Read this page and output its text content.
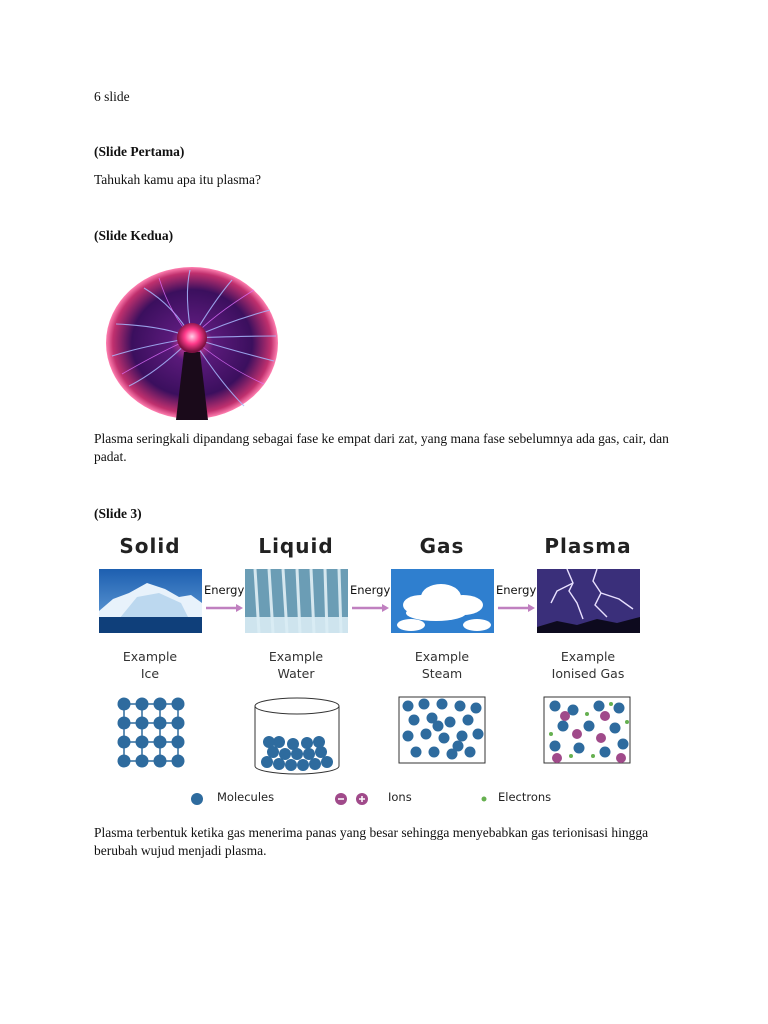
6 slide

(Slide Pertama)

Tahukah kamu apa itu plasma?

(Slide Kedua)

Plasma seringkali dipandang sebagai fase ke empat dari zat, yang mana fase sebelumnya ada gas, cair, dan padat.

(Slide 3)

Solid	Liquid	Gas	Plasma
Energy	Energy	Energy
Example
Ice
Example
Water
Example
Steam
Example
Ionised Gas
Molecules	Ions	Electrons

Plasma terbentuk ketika gas menerima panas yang besar sehingga menyebabkan gas terionisasi hingga berubah wujud menjadi plasma.
